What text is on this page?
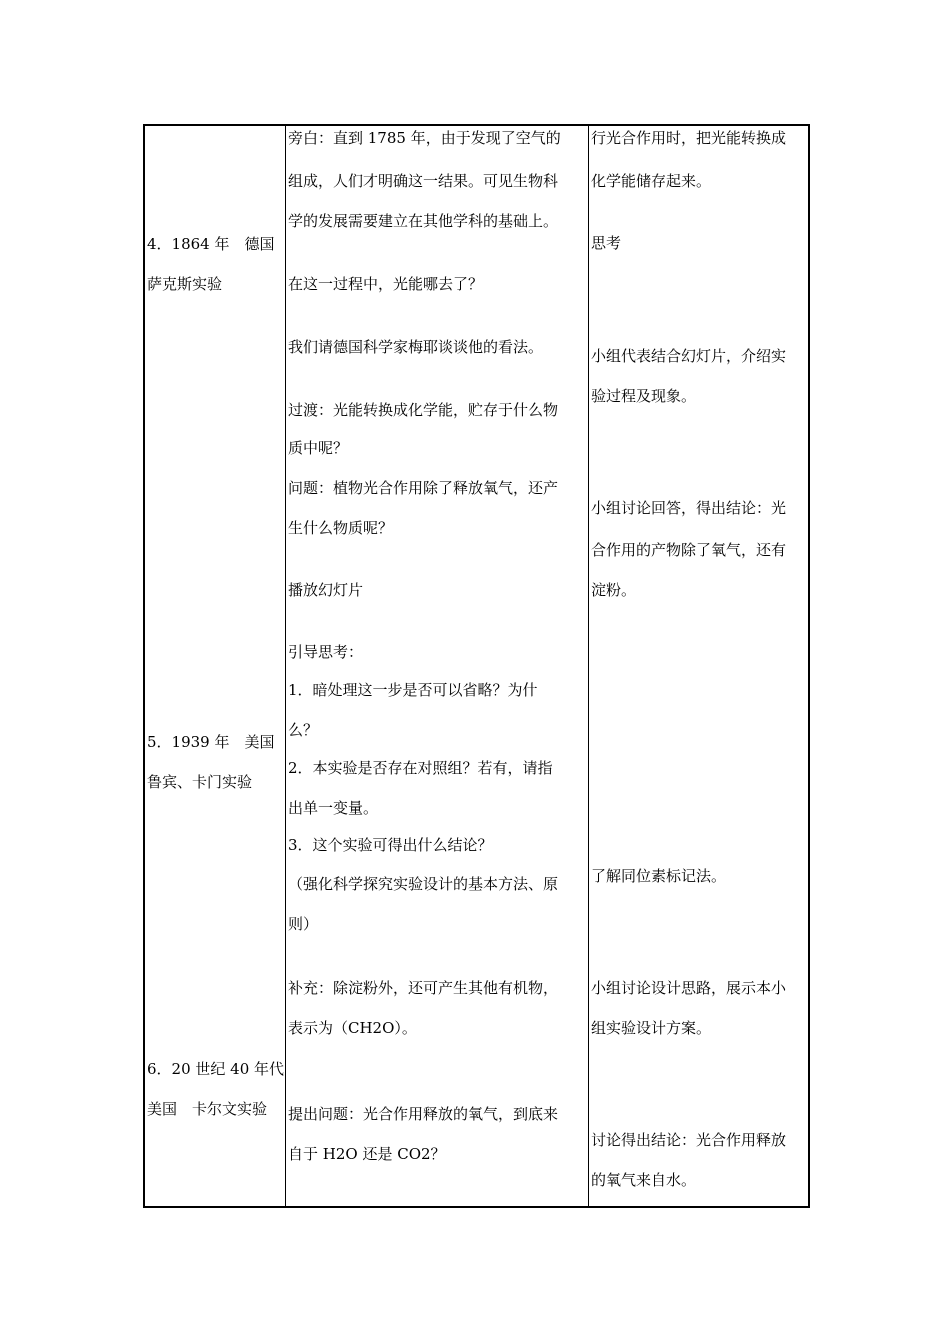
4．1864 年　德国
萨克斯实验
5．1939 年　美国
鲁宾、卡门实验
6．20 世纪 40 年代
美国　卡尔文实验
旁白：直到 1785 年，由于发现了空气的
组成，人们才明确这一结果。可见生物科
学的发展需要建立在其他学科的基础上。
在这一过程中，光能哪去了？
我们请德国科学家梅耶谈谈他的看法。
过渡：光能转换成化学能，贮存于什么物
质中呢？
问题：植物光合作用除了释放氧气，还产
生什么物质呢？
播放幻灯片
引导思考：
1．暗处理这一步是否可以省略？为什
么？
2．本实验是否存在对照组？若有，请指
出单一变量。
3．这个实验可得出什么结论？
（强化科学探究实验设计的基本方法、原
则）
补充：除淀粉外，还可产生其他有机物，
表示为（CH2O）。
提出问题：光合作用释放的氧气，到底来
自于 H2O 还是 CO2？
行光合作用时，把光能转换成
化学能储存起来。
思考
小组代表结合幻灯片，介绍实
验过程及现象。
小组讨论回答，得出结论：光
合作用的产物除了氧气，还有
淀粉。
了解同位素标记法。
小组讨论设计思路，展示本小
组实验设计方案。
讨论得出结论：光合作用释放
的氧气来自水。
